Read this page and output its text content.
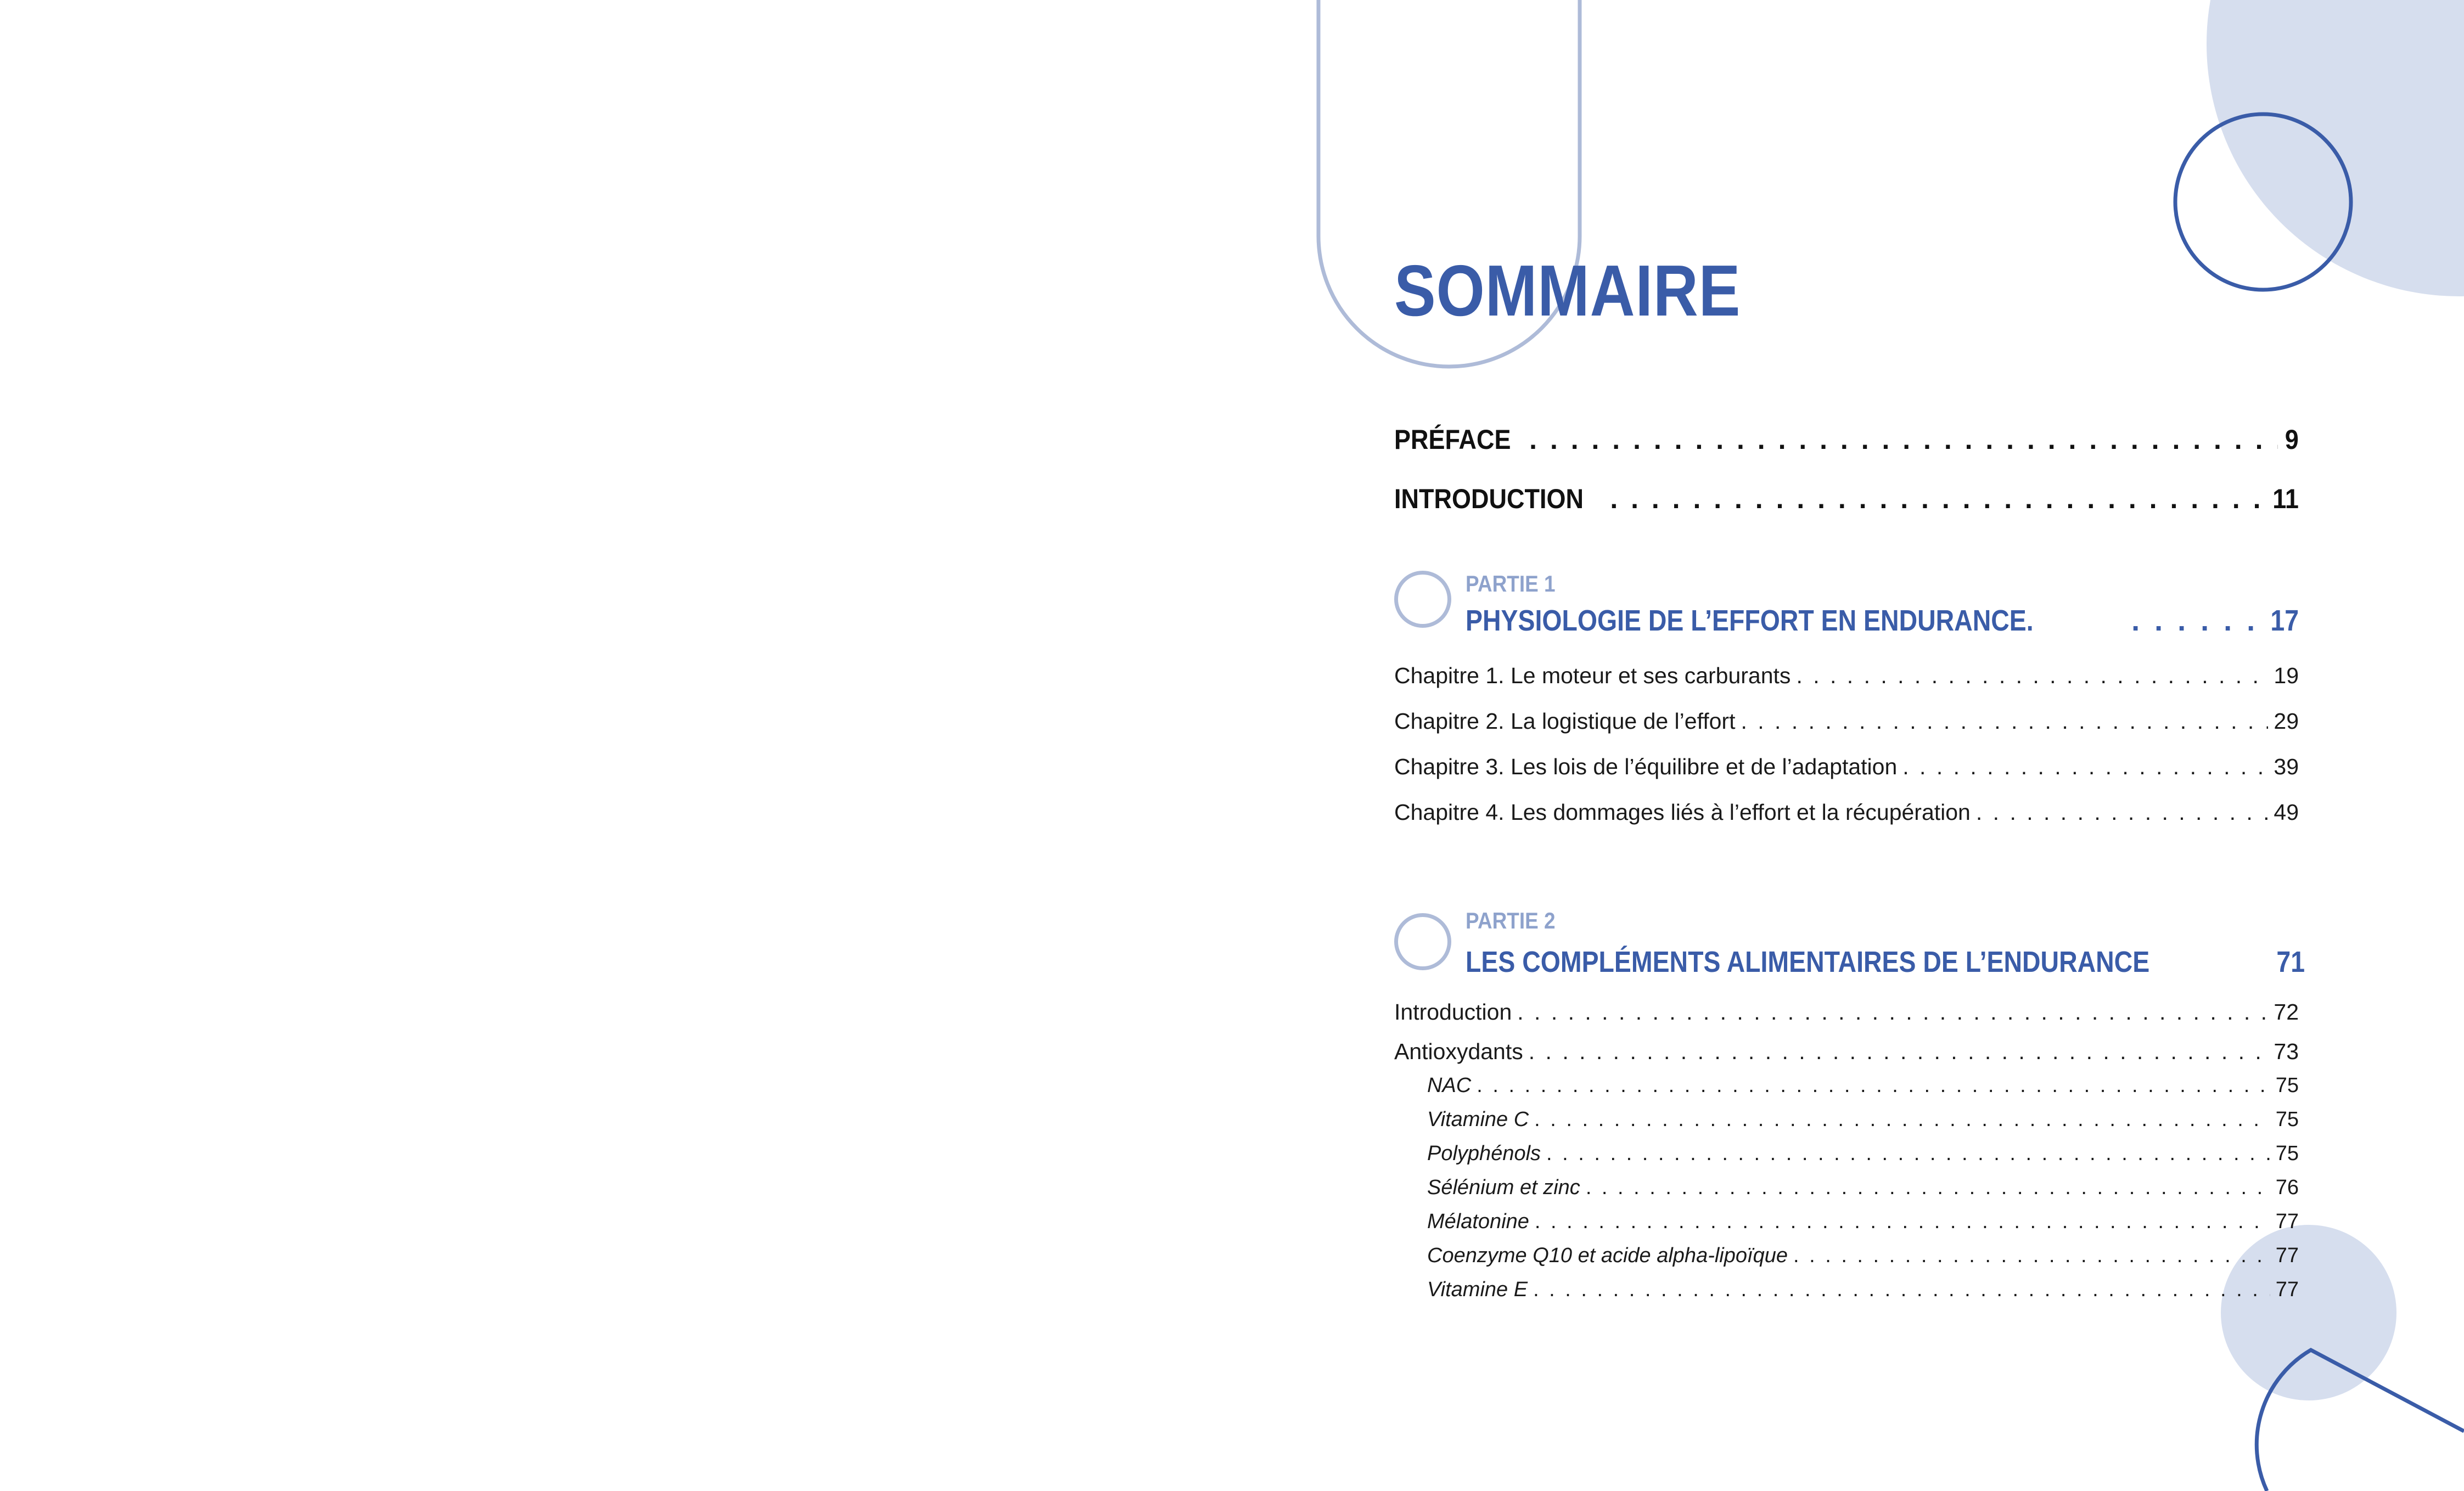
SOMMAIRE
PRÉFACE . . .	9
INTRODUCTION . . .	11
PARTIE 1
PHYSIOLOGIE DE L’EFFORT EN ENDURANCE. . . .	17
Chapitre 1. Le moteur et ses carburants . . .	19
Chapitre 2. La logistique de l’effort . . .	29
Chapitre 3. Les lois de l’équilibre et de l’adaptation . . .	39
Chapitre 4. Les dommages liés à l’effort et la récupération . . .	49
PARTIE 2
LES COMPLÉMENTS ALIMENTAIRES DE L’ENDURANCE	71
Introduction . . .	72
Antioxydants . . .	73
NAC . . .	75
Vitamine C . . .	75
Polyphénols . . .	75
Sélénium et zinc . . .	76
Mélatonine . . .	77
Coenzyme Q10 et acide alpha-lipoïque . . .	77
Vitamine E . . .	77
